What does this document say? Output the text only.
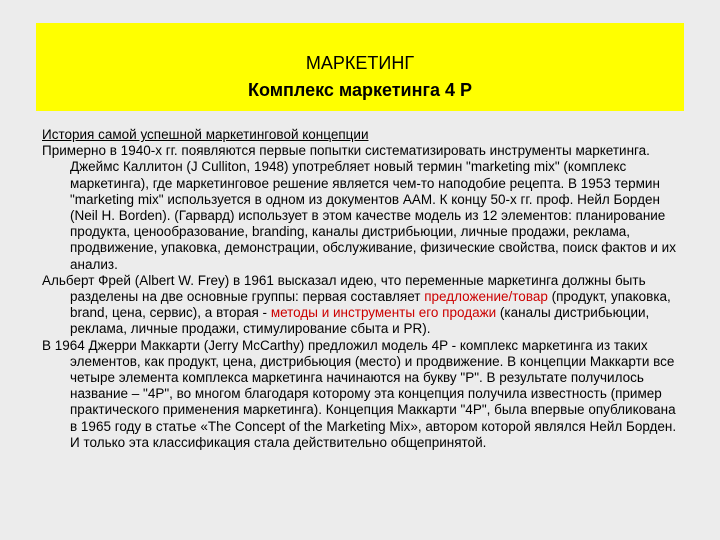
МАРКЕТИНГ
Комплекс маркетинга 4 Р
История самой успешной маркетинговой концепции

Примерно в 1940-х гг. появляются первые попытки систематизировать инструменты маркетинга. Джеймс Каллитон (J Culliton, 1948) употребляет новый термин "marketing mix" (комплекс маркетинга), где маркетинговое решение является чем-то наподобие рецепта. В 1953 термин "marketing mix" используется в одном из документов AAM. К концу 50-х гг. проф. Нейл Борден (Neil H. Borden). (Гарвард) использует в этом качестве модель из 12 элементов: планирование продукта, ценообразование, branding, каналы дистрибьюции, личные продажи, реклама, продвижение, упаковка, демонстрации, обслуживание, физические свойства, поиск фактов и их анализ.

Альберт Фрей (Albert W. Frey) в 1961 высказал идею, что переменные маркетинга должны быть разделены на две основные группы: первая составляет предложение/товар (продукт, упаковка, brand, цена, сервис), а вторая - методы и инструменты его продажи (каналы дистрибьюции, реклама, личные продажи, стимулирование сбыта и PR).

В 1964 Джерри Маккарти (Jerry McCarthy) предложил модель 4P - комплекс маркетинга из таких элементов, как продукт, цена, дистрибьюция (место) и продвижение. В концепции Маккарти все четыре элемента комплекса маркетинга начинаются на букву "P". В результате получилось название – "4P", во многом благодаря которому эта концепция получила известность (пример практического применения маркетинга). Концепция Маккарти "4P", была впервые опубликована в 1965 году в статье «The Concept of the Marketing Mix», автором которой являлся Нейл Борден. И только эта классификация стала действительно общепринятой.
